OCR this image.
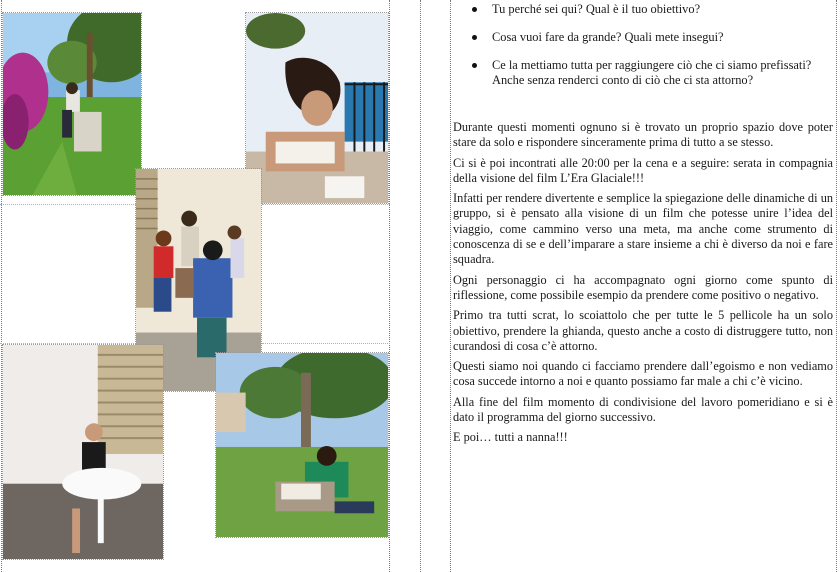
Tu perché sei qui? Qual è il tuo obiettivo?
Cosa vuoi fare da grande? Quali mete insegui?
Ce la mettiamo tutta per raggiungere ciò che ci siamo prefissati? Anche senza renderci conto di ciò che ci sta attorno?

Durante questi momenti ognuno si è trovato un proprio spazio dove poter stare da solo e rispondere sinceramente prima di tutto a se stesso.

Ci si è poi incontrati alle 20:00 per la cena e a seguire: serata in compagnia della visione del film L’Era Glaciale!!!

Infatti per rendere divertente e semplice la spiegazione delle dinamiche di un gruppo, si è pensato alla visione di un film che potesse unire l’idea del viaggio, come cammino verso una meta, ma anche come strumento di conoscenza di se e dell’imparare a stare insieme a chi è diverso da noi e fare squadra.

Ogni personaggio ci ha accompagnato ogni giorno come spunto di riflessione, come possibile esempio da prendere come positivo o negativo.

Primo tra tutti scrat, lo scoiattolo che per tutte le 5 pellicole ha un solo obiettivo, prendere la ghianda, questo anche a costo di distruggere tutto, non curandosi di cosa c’è attorno.

Questi siamo noi quando ci facciamo prendere dall’egoismo e non vediamo cosa succede intorno a noi e quanto possiamo far male a chi c’è vicino.

Alla fine del film momento di condivisione del lavoro pomeridiano e si è dato il programma del giorno successivo.

E poi… tutti a nanna!!!
